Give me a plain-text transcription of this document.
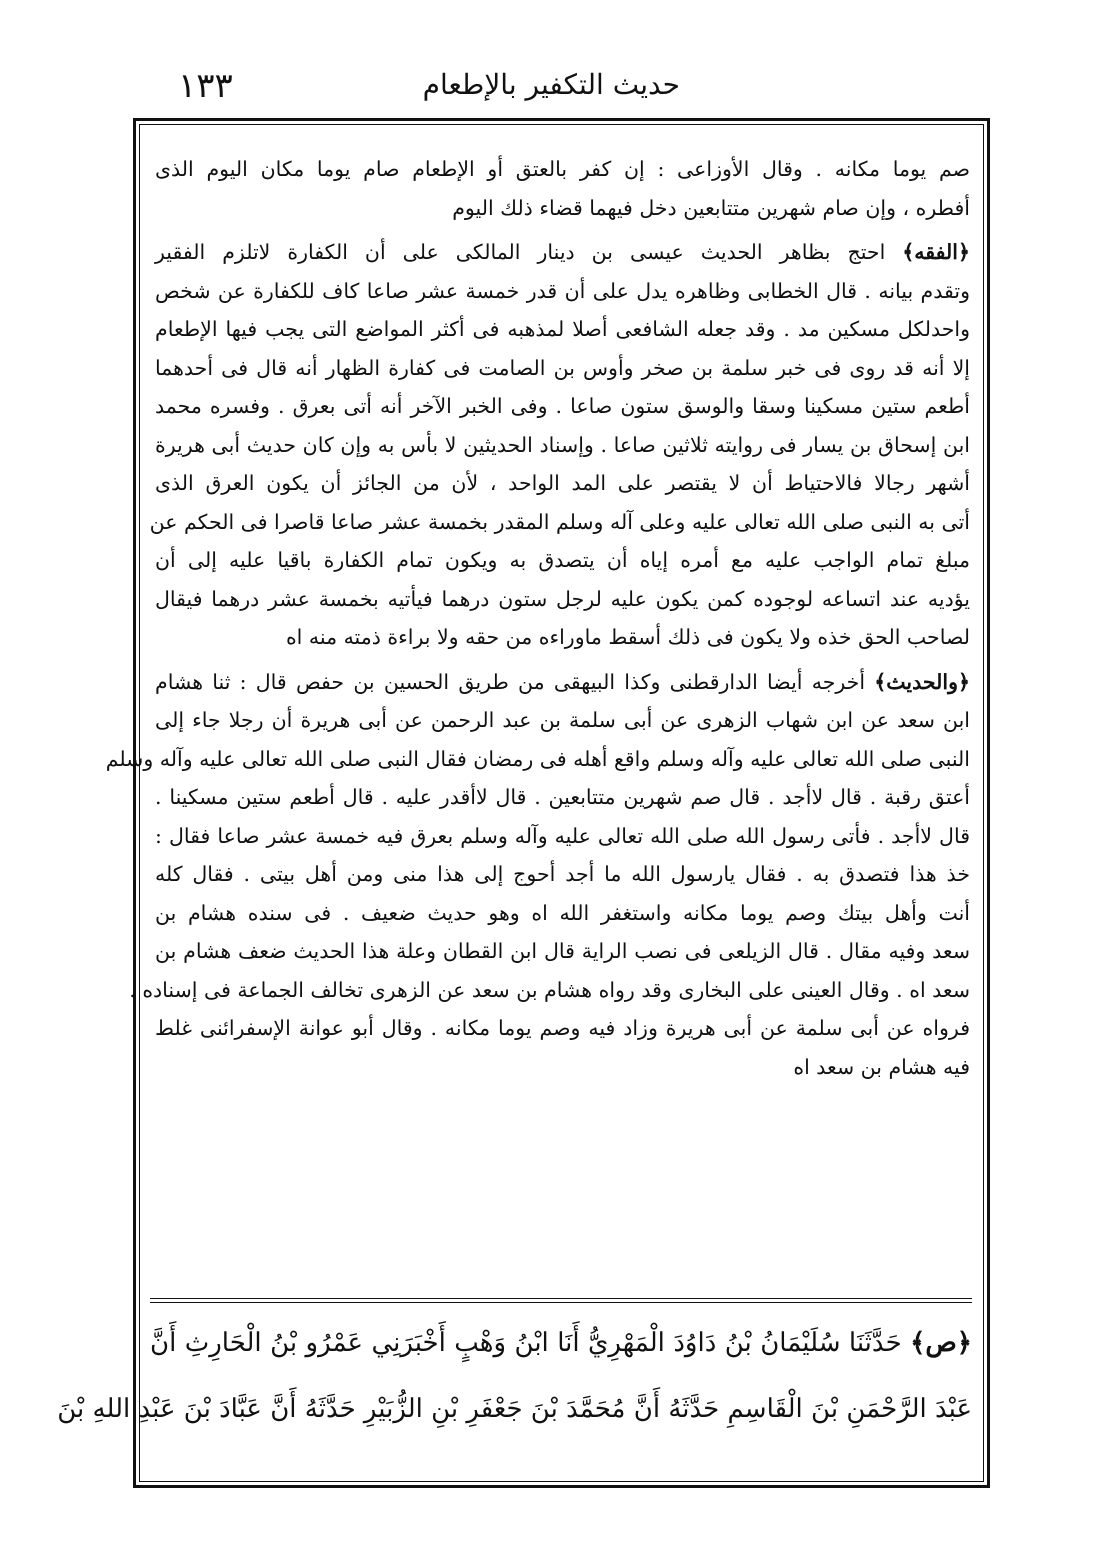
١٣٣	حديث التكفير بالإطعام
صم يوما مكانه . وقال الأوزاعى : إن كفر بالعتق أو الإطعام صام يوما مكان اليوم الذى
أفطره ، وإن صام شهرين متتابعين دخل فيهما قضاء ذلك اليوم
﴿الفقه﴾ احتج بظاهر الحديث عيسى بن دينار المالكى على أن الكفارة لاتلزم الفقير
وتقدم بيانه . قال الخطابى وظاهره يدل على أن قدر خمسة عشر صاعا كاف للكفارة عن شخص
واحدلكل مسكين مد . وقد جعله الشافعى أصلا لمذهبه فى أكثر المواضع التى يجب فيها الإطعام
إلا أنه قد روى فى خبر سلمة بن صخر وأوس بن الصامت فى كفارة الظهار أنه قال فى أحدهما
أطعم ستين مسكينا وسقا والوسق ستون صاعا . وفى الخبر الآخر أنه أتى بعرق . وفسره محمد
ابن إسحاق بن يسار فى روايته ثلاثين صاعا . وإسناد الحديثين لا بأس به وإن كان حديث أبى هريرة
أشهر رجالا فالاحتياط أن لا يقتصر على المد الواحد ، لأن من الجائز أن يكون العرق الذى
أتى به النبى صلى الله تعالى عليه وعلى آله وسلم المقدر بخمسة عشر صاعا قاصرا فى الحكم عن
مبلغ تمام الواجب عليه مع أمره إياه أن يتصدق به ويكون تمام الكفارة باقيا عليه إلى أن
يؤديه عند اتساعه لوجوده كمن يكون عليه لرجل ستون درهما فيأتيه بخمسة عشر درهما فيقال
لصاحب الحق خذه ولا يكون فى ذلك أسقط ماوراءه من حقه ولا براءة ذمته منه اه
﴿والحديث﴾ أخرجه أيضا الدارقطنى وكذا البيهقى من طريق الحسين بن حفص قال : ثنا هشام
ابن سعد عن ابن شهاب الزهرى عن أبى سلمة بن عبد الرحمن عن أبى هريرة أن رجلا جاء إلى
النبى صلى الله تعالى عليه وآله وسلم واقع أهله فى رمضان فقال النبى صلى الله تعالى عليه وآله وسلم
أعتق رقبة . قال لاأجد . قال صم شهرين متتابعين . قال لاأقدر عليه . قال أطعم ستين مسكينا .
قال لاأجد . فأتى رسول الله صلى الله تعالى عليه وآله وسلم بعرق فيه خمسة عشر صاعا فقال :
خذ هذا فتصدق به . فقال يارسول الله ما أجد أحوج إلى هذا منى ومن أهل بيتى . فقال كله
أنت وأهل بيتك وصم يوما مكانه واستغفر الله اه وهو حديث ضعيف . فى سنده هشام بن
سعد وفيه مقال . قال الزيلعى فى نصب الراية قال ابن القطان وعلة هذا الحديث ضعف هشام بن
سعد اه . وقال العينى على البخارى وقد رواه هشام بن سعد عن الزهرى تخالف الجماعة فى إسناده .
فرواه عن أبى سلمة عن أبى هريرة وزاد فيه وصم يوما مكانه . وقال أبو عوانة الإسفرائنى غلط
فيه هشام بن سعد اه
﴿ص﴾ حَدَّثَنَا سُلَيْمَانُ بْنُ دَاوُدَ الْمَهْرِيُّ أَنَا ابْنُ وَهْبٍ أَخْبَرَنِي عَمْرُو بْنُ الْحَارِثِ أَنَّ
عَبْدَ الرَّحْمَنِ بْنَ الْقَاسِمِ حَدَّثَهُ أَنَّ مُحَمَّدَ بْنَ جَعْفَرِ بْنِ الزُّبَيْرِ حَدَّثَهُ أَنَّ عَبَّادَ بْنَ عَبْدِ اللهِ بْنَ
